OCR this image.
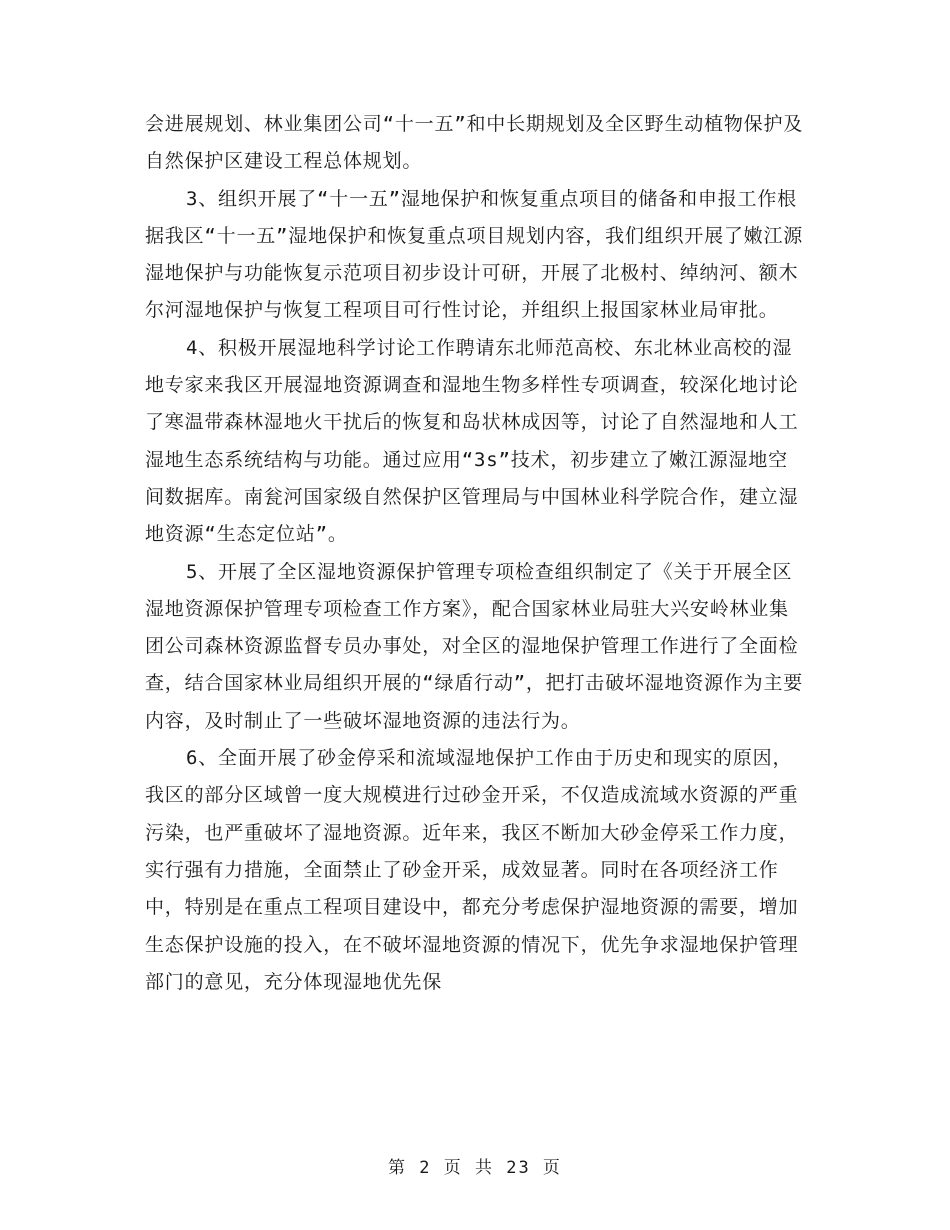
会进展规划、林业集团公司“十一五”和中长期规划及全区野生动植物保护及自然保护区建设工程总体规划。

3、组织开展了“十一五”湿地保护和恢复重点项目的储备和申报工作根据我区“十一五”湿地保护和恢复重点项目规划内容，我们组织开展了嫩江源湿地保护与功能恢复示范项目初步设计可研，开展了北极村、绰纳河、额木尔河湿地保护与恢复工程项目可行性讨论，并组织上报国家林业局审批。

4、积极开展湿地科学讨论工作聘请东北师范高校、东北林业高校的湿地专家来我区开展湿地资源调查和湿地生物多样性专项调查，较深化地讨论了寒温带森林湿地火干扰后的恢复和岛状林成因等，讨论了自然湿地和人工湿地生态系统结构与功能。通过应用“3s”技术，初步建立了嫩江源湿地空间数据库。南瓮河国家级自然保护区管理局与中国林业科学院合作，建立湿地资源“生态定位站”。

5、开展了全区湿地资源保护管理专项检查组织制定了《关于开展全区湿地资源保护管理专项检查工作方案》，配合国家林业局驻大兴安岭林业集团公司森林资源监督专员办事处，对全区的湿地保护管理工作进行了全面检查，结合国家林业局组织开展的“绿盾行动”，把打击破坏湿地资源作为主要内容，及时制止了一些破坏湿地资源的违法行为。

6、全面开展了砂金停采和流域湿地保护工作由于历史和现实的原因，我区的部分区域曾一度大规模进行过砂金开采，不仅造成流域水资源的严重污染，也严重破坏了湿地资源。近年来，我区不断加大砂金停采工作力度，实行强有力措施，全面禁止了砂金开采，成效显著。同时在各项经济工作中，特别是在重点工程项目建设中，都充分考虑保护湿地资源的需要，增加生态保护设施的投入，在不破坏湿地资源的情况下，优先争求湿地保护管理部门的意见，充分体现湿地优先保

第 2 页 共 23 页
